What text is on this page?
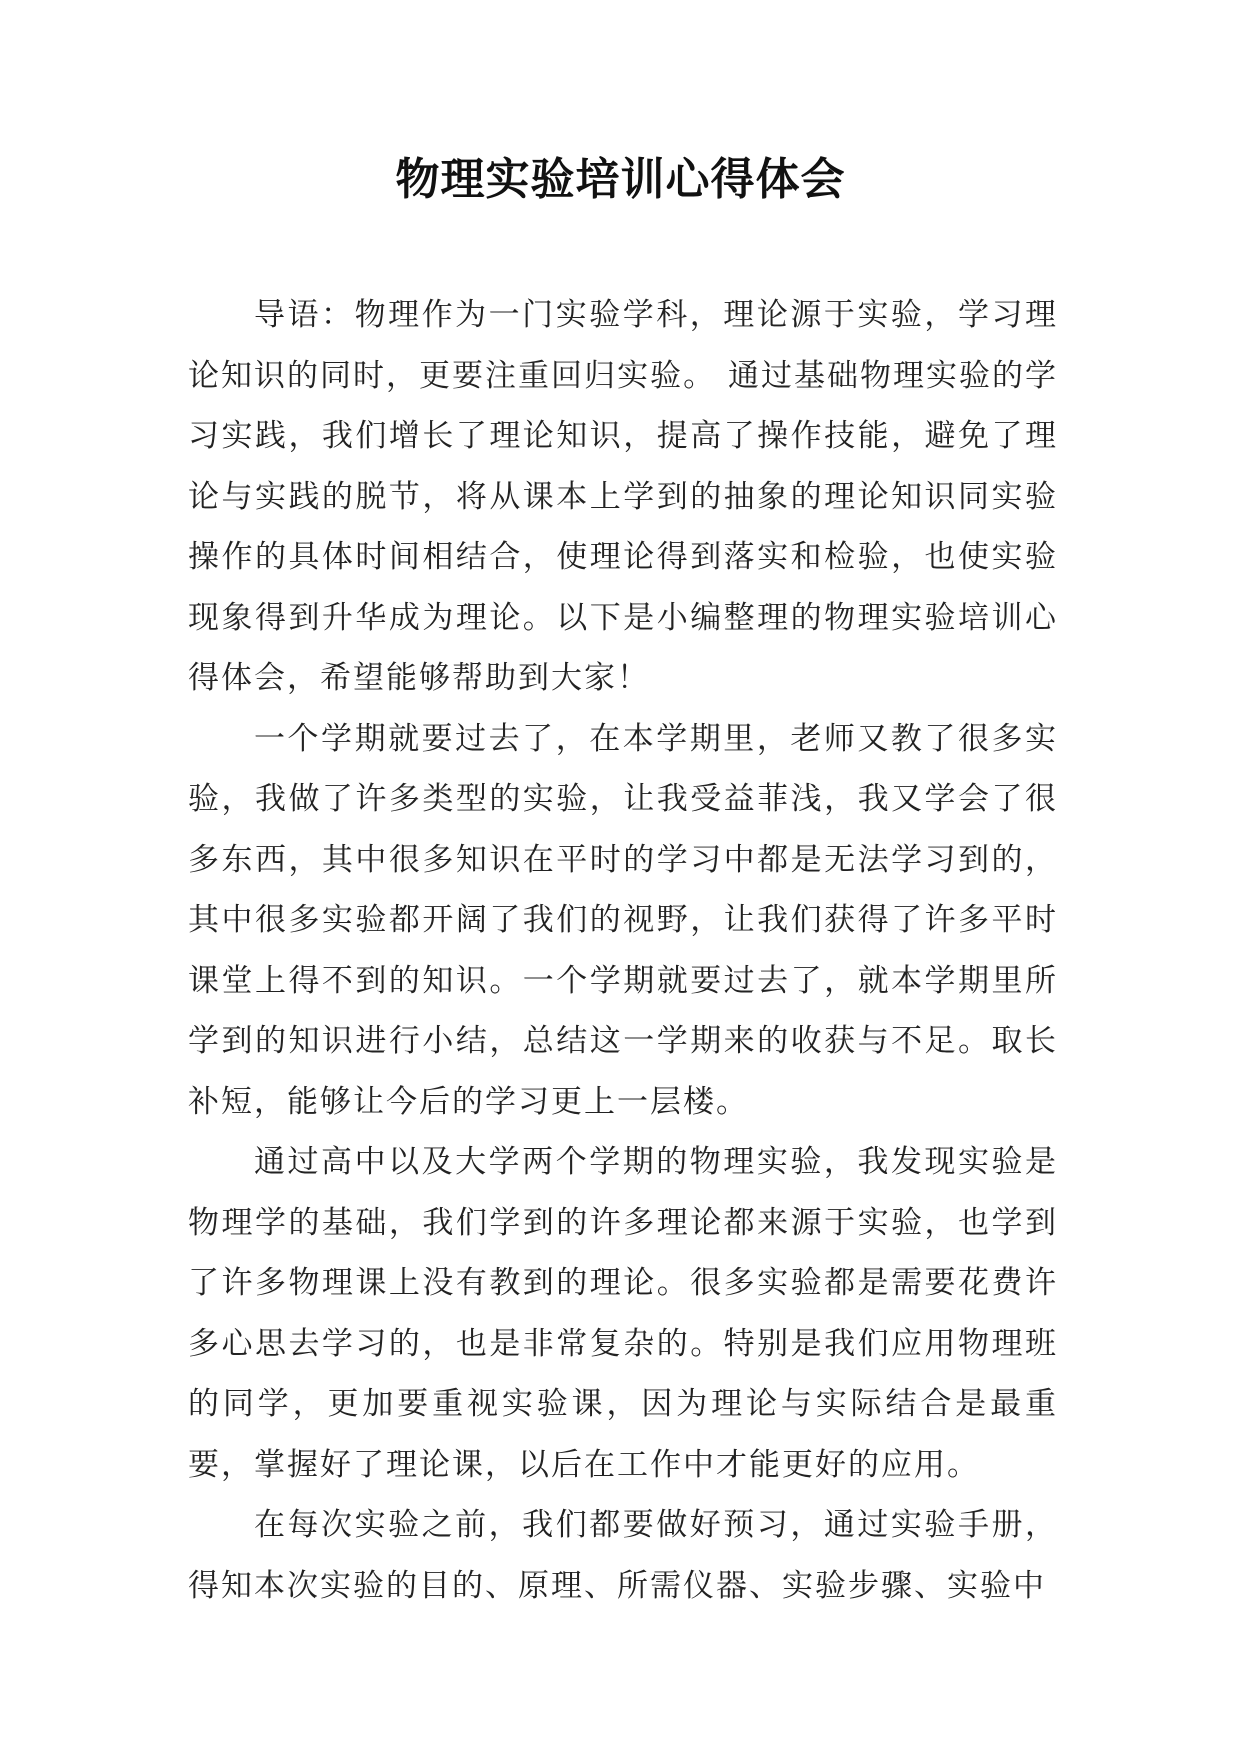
物理实验培训心得体会

导语：物理作为一门实验学科，理论源于实验，学习理论知识的同时，更要注重回归实验。 通过基础物理实验的学习实践，我们增长了理论知识，提高了操作技能，避免了理论与实践的脱节，将从课本上学到的抽象的理论知识同实验操作的具体时间相结合，使理论得到落实和检验，也使实验现象得到升华成为理论。以下是小编整理的物理实验培训心得体会，希望能够帮助到大家！

一个学期就要过去了，在本学期里，老师又教了很多实验，我做了许多类型的实验，让我受益菲浅，我又学会了很多东西，其中很多知识在平时的学习中都是无法学习到的，其中很多实验都开阔了我们的视野，让我们获得了许多平时课堂上得不到的知识。一个学期就要过去了，就本学期里所学到的知识进行小结，总结这一学期来的收获与不足。取长补短，能够让今后的学习更上一层楼。

通过高中以及大学两个学期的物理实验，我发现实验是物理学的基础，我们学到的许多理论都来源于实验，也学到了许多物理课上没有教到的理论。很多实验都是需要花费许多心思去学习的，也是非常复杂的。特别是我们应用物理班的同学，更加要重视实验课，因为理论与实际结合是最重要，掌握好了理论课，以后在工作中才能更好的应用。

在每次实验之前，我们都要做好预习，通过实验手册，得知本次实验的目的、原理、所需仪器、实验步骤、实验中
